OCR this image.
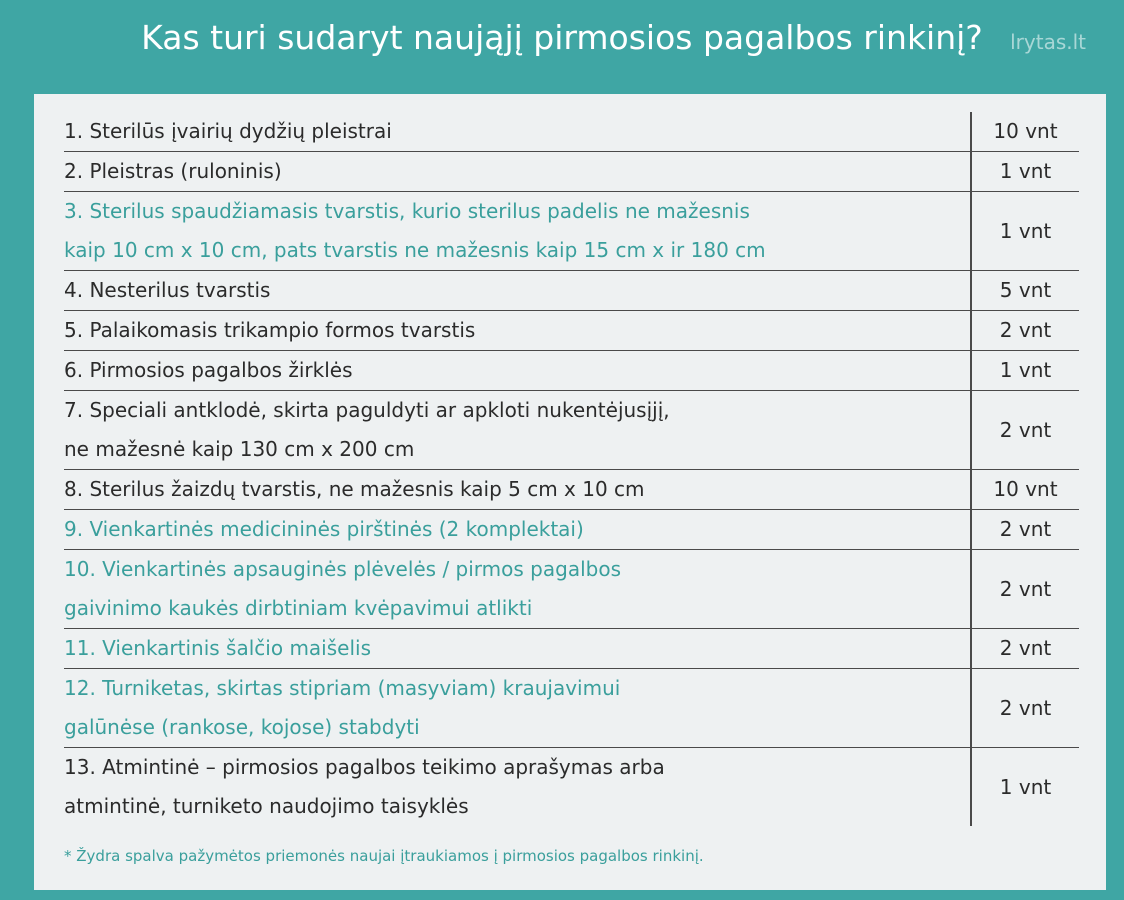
Kas turi sudaryt naująjį pirmosios pagalbos rinkinį?	lrytas.lt
1. Sterilūs įvairių dydžių pleistrai	10 vnt
2. Pleistras (ruloninis)	1 vnt
3. Sterilus spaudžiamasis tvarstis, kurio sterilus padelis ne mažesnis
kaip 10 cm x 10 cm, pats tvarstis ne mažesnis kaip 15 cm x ir 180 cm	1 vnt
4. Nesterilus tvarstis	5 vnt
5. Palaikomasis trikampio formos tvarstis	2 vnt
6. Pirmosios pagalbos žirklės	1 vnt
7. Speciali antklodė, skirta paguldyti ar apkloti nukentėjusįjį,
ne mažesnė kaip 130 cm x 200 cm	2 vnt
8. Sterilus žaizdų tvarstis, ne mažesnis kaip 5 cm x 10 cm	10 vnt
9. Vienkartinės medicininės pirštinės (2 komplektai)	2 vnt
10. Vienkartinės apsauginės plėvelės / pirmos pagalbos
gaivinimo kaukės dirbtiniam kvėpavimui atlikti	2 vnt
11. Vienkartinis šalčio maišelis	2 vnt
12. Turniketas, skirtas stipriam (masyviam) kraujavimui
galūnėse (rankose, kojose) stabdyti	2 vnt
13. Atmintinė – pirmosios pagalbos teikimo aprašymas arba
atmintinė, turniketo naudojimo taisyklės	1 vnt
* Žydra spalva pažymėtos priemonės naujai įtraukiamos į pirmosios pagalbos rinkinį.
